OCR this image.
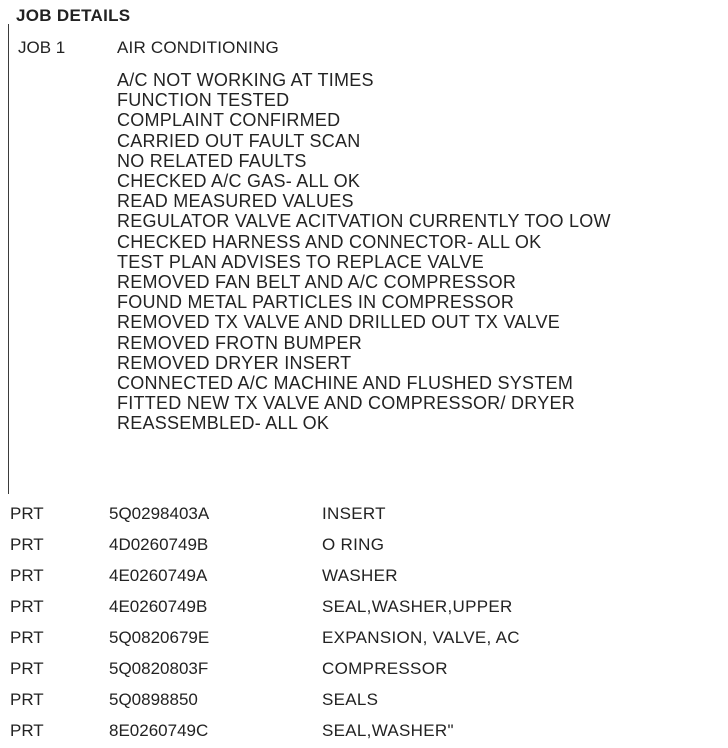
JOB DETAILS
JOB 1	AIR CONDITIONING
A/C NOT WORKING AT TIMES
FUNCTION TESTED
COMPLAINT CONFIRMED
CARRIED OUT FAULT SCAN
NO RELATED FAULTS
CHECKED A/C GAS- ALL OK
READ MEASURED VALUES
REGULATOR VALVE ACITVATION CURRENTLY TOO LOW
CHECKED HARNESS AND CONNECTOR- ALL OK
TEST PLAN ADVISES TO REPLACE VALVE
REMOVED FAN BELT AND A/C COMPRESSOR
FOUND METAL PARTICLES IN COMPRESSOR
REMOVED TX VALVE AND DRILLED OUT TX VALVE
REMOVED FROTN BUMPER
REMOVED DRYER INSERT
CONNECTED A/C MACHINE AND FLUSHED SYSTEM
FITTED NEW TX VALVE AND COMPRESSOR/ DRYER
REASSEMBLED- ALL OK
PRT	5Q0298403A	INSERT
PRT	4D0260749B	O RING
PRT	4E0260749A	WASHER
PRT	4E0260749B	SEAL,WASHER,UPPER
PRT	5Q0820679E	EXPANSION, VALVE, AC
PRT	5Q0820803F	COMPRESSOR
PRT	5Q0898850	SEALS
PRT	8E0260749C	SEAL,WASHER"
